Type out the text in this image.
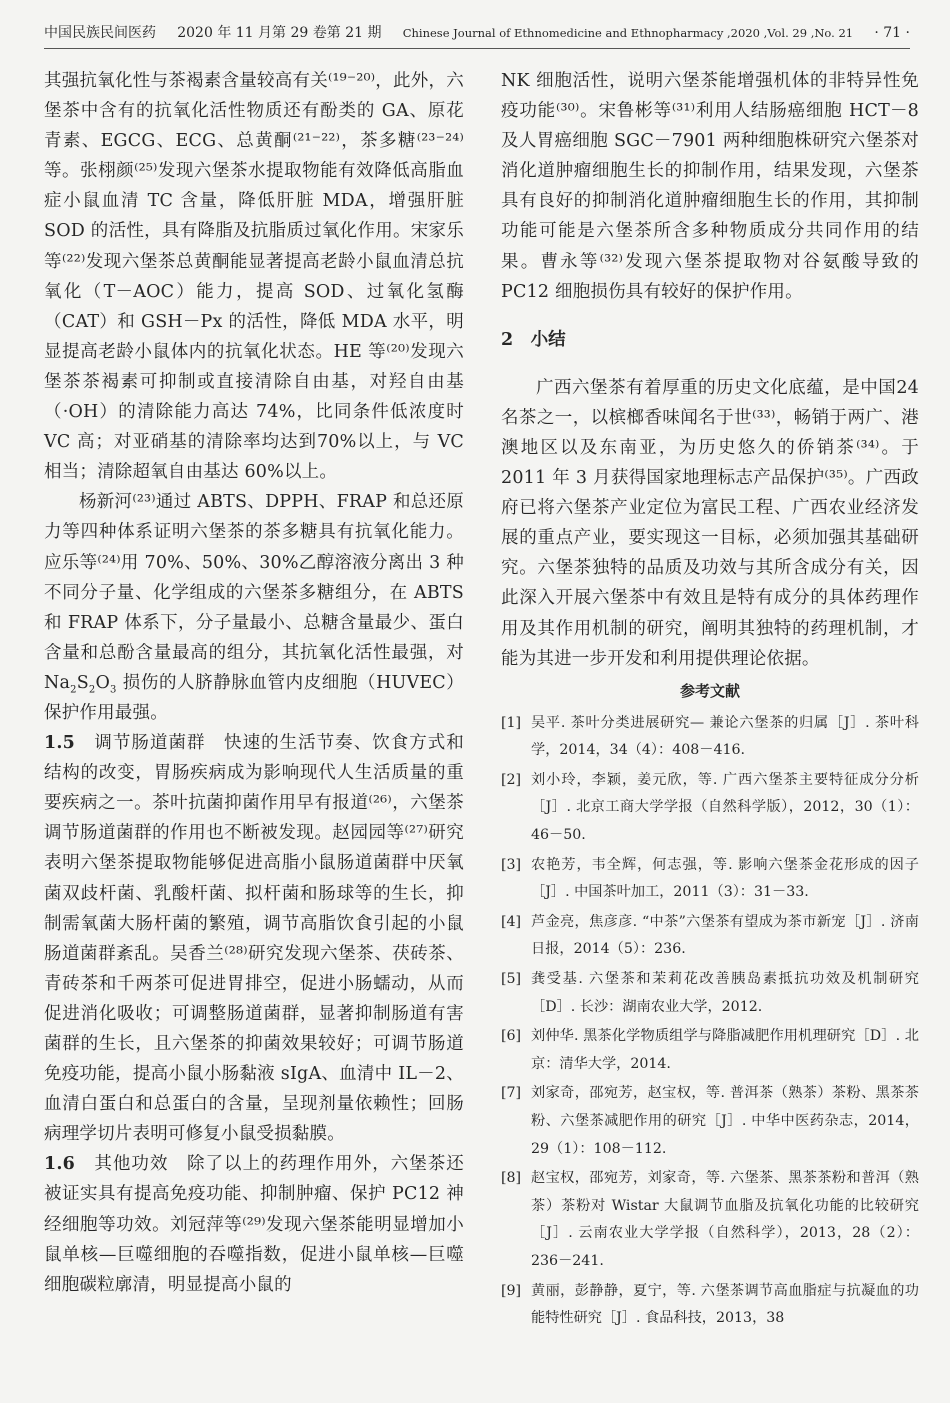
中国民族民间医药 2020 年 11 月第 29 卷第 21 期 Chinese Journal of Ethnomedicine and Ethnopharmacy ,2020 ,Vol. 29 ,No. 21 · 71 ·

其强抗氧化性与茶褐素含量较高有关⁽¹⁹⁻²⁰⁾，此外，六堡茶中含有的抗氧化活性物质还有酚类的 GA、原花青素、EGCG、ECG、总黄酮⁽²¹⁻²²⁾，茶多糖⁽²³⁻²⁴⁾等。张栩颜⁽²⁵⁾发现六堡茶水提取物能有效降低高脂血症小鼠血清 TC 含量，降低肝脏 MDA，增强肝脏 SOD 的活性，具有降脂及抗脂质过氧化作用。宋家乐等⁽²²⁾发现六堡茶总黄酮能显著提高老龄小鼠血清总抗氧化（T－AOC）能力，提高 SOD、过氧化氢酶（CAT）和 GSH－Px 的活性，降低 MDA 水平，明显提高老龄小鼠体内的抗氧化状态。HE 等⁽²⁰⁾发现六堡茶茶褐素可抑制或直接清除自由基，对羟自由基（·OH）的清除能力高达 74%，比同条件低浓度时 VC 高；对亚硝基的清除率均达到70%以上，与 VC 相当；清除超氧自由基达 60%以上。

杨新河⁽²³⁾通过 ABTS、DPPH、FRAP 和总还原力等四种体系证明六堡茶的茶多糖具有抗氧化能力。应乐等⁽²⁴⁾用 70%、50%、30%乙醇溶液分离出 3 种不同分子量、化学组成的六堡茶多糖组分，在 ABTS 和 FRAP 体系下，分子量最小、总糖含量最少、蛋白含量和总酚含量最高的组分，其抗氧化活性最强，对 $Na_2S_2O_3$ 损伤的人脐静脉血管内皮细胞（HUVEC）保护作用最强。

1.5　 调节肠道菌群　 快速的生活节奏、饮食方式和结构的改变，胃肠疾病成为影响现代人生活质量的重要疾病之一。茶叶抗菌抑菌作用早有报道⁽²⁶⁾，六堡茶调节肠道菌群的作用也不断被发现。赵园园等⁽²⁷⁾研究表明六堡茶提取物能够促进高脂小鼠肠道菌群中厌氧菌双歧杆菌、乳酸杆菌、拟杆菌和肠球等的生长，抑制需氧菌大肠杆菌的繁殖，调节高脂饮食引起的小鼠肠道菌群紊乱。吴香兰⁽²⁸⁾研究发现六堡茶、茯砖茶、青砖茶和千两茶可促进胃排空，促进小肠蠕动，从而促进消化吸收；可调整肠道菌群，显著抑制肠道有害菌群的生长，且六堡茶的抑菌效果较好；可调节肠道免疫功能，提高小鼠小肠黏液 sIgA、血清中 IL－2、血清白蛋白和总蛋白的含量，呈现剂量依赖性；回肠病理学切片表明可修复小鼠受损黏膜。

1.6　 其他功效　 除了以上的药理作用外，六堡茶还被证实具有提高免疫功能、抑制肿瘤、保护 PC12 神经细胞等功效。刘冠萍等⁽²⁹⁾发现六堡茶能明显增加小鼠单核—巨噬细胞的吞噬指数，促进小鼠单核—巨噬细胞碳粒廓清，明显提高小鼠的

NK 细胞活性，说明六堡茶能增强机体的非特异性免疫功能⁽³⁰⁾。宋鲁彬等⁽³¹⁾利用人结肠癌细胞 HCT－8 及人胃癌细胞 SGC－7901 两种细胞株研究六堡茶对消化道肿瘤细胞生长的抑制作用，结果发现，六堡茶具有良好的抑制消化道肿瘤细胞生长的作用，其抑制功能可能是六堡茶所含多种物质成分共同作用的结果。曹永等⁽³²⁾发现六堡茶提取物对谷氨酸导致的 PC12 细胞损伤具有较好的保护作用。

2　小结

广西六堡茶有着厚重的历史文化底蕴，是中国24 名茶之一，以槟榔香味闻名于世⁽³³⁾，畅销于两广、港澳地区以及东南亚，为历史悠久的侨销茶⁽³⁴⁾。于2011 年 3 月获得国家地理标志产品保护⁽³⁵⁾。广西政府已将六堡茶产业定位为富民工程、广西农业经济发展的重点产业，要实现这一目标，必须加强其基础研究。六堡茶独特的品质及功效与其所含成分有关，因此深入开展六堡茶中有效且是特有成分的具体药理作用及其作用机制的研究，阐明其独特的药理机制，才能为其进一步开发和利用提供理论依据。

参考文献
[1] 吴平. 茶叶分类进展研究— 兼论六堡茶的归属［J］. 茶叶科学，2014，34（4）：408－416.
[2] 刘小玲，李颖，姜元欣，等. 广西六堡茶主要特征成分分析［J］. 北京工商大学学报（自然科学版），2012，30（1）：46－50.
[3] 农艳芳，韦全辉，何志强，等. 影响六堡茶金花形成的因子［J］. 中国茶叶加工，2011（3）：31－33.
[4] 芦金亮，焦彦彦. “中茶”六堡茶有望成为茶市新宠［J］. 济南日报，2014（5）：236.
[5] 龚受基. 六堡茶和茉莉花改善胰岛素抵抗功效及机制研究［D］. 长沙：湖南农业大学，2012.
[6] 刘仲华. 黑茶化学物质组学与降脂减肥作用机理研究［D］. 北京：清华大学，2014.
[7] 刘家奇，邵宛芳，赵宝权，等. 普洱茶（熟茶）茶粉、黑茶茶粉、六堡茶减肥作用的研究［J］. 中华中医药杂志，2014，29（1）：108－112.
[8] 赵宝权，邵宛芳，刘家奇，等. 六堡茶、黑茶茶粉和普洱（熟茶）茶粉对 Wistar 大鼠调节血脂及抗氧化功能的比较研究［J］. 云南农业大学学报（自然科学），2013，28（2）：236－241.
[9] 黄丽，彭静静，夏宁，等. 六堡茶调节高血脂症与抗凝血的功能特性研究［J］. 食品科技，2013，38
